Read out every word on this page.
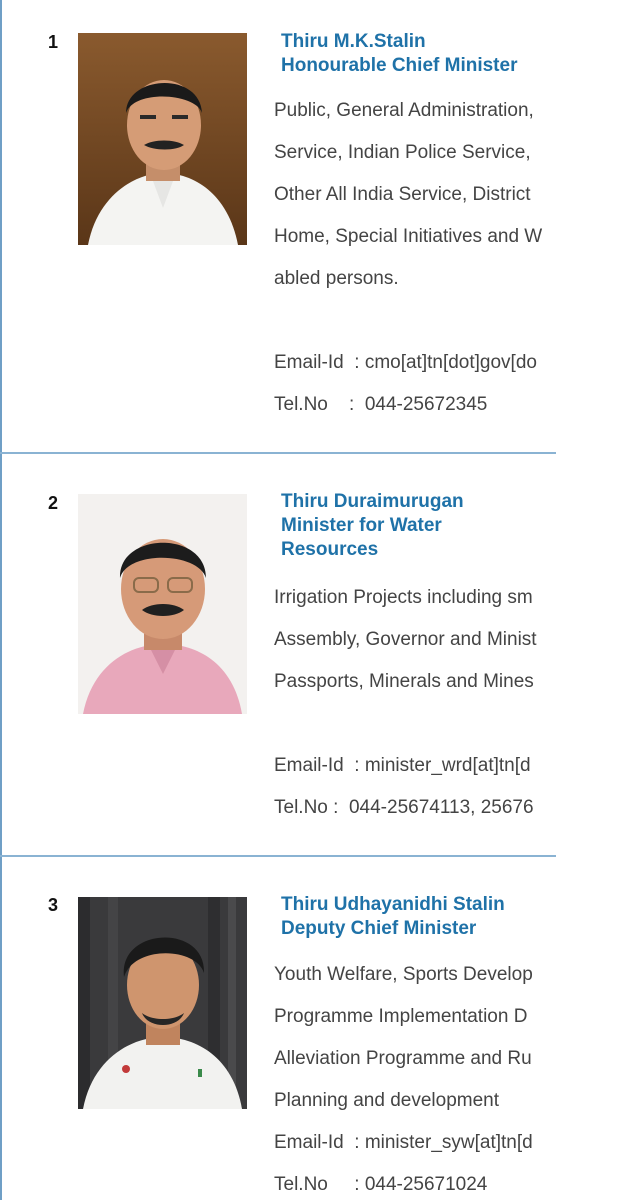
1	Thiru M.K.Stalin
Honourable Chief Minister
Public, General Administration,
Service, Indian Police Service,
Other All India Service, District
Home, Special Initiatives and W
abled persons.
Email-Id  : cmo[at]tn[dot]gov[do
Tel.No    :  044-25672345
2	Thiru Duraimurugan
Minister for Water
Resources
Irrigation Projects including sm
Assembly, Governor and Minist
Passports, Minerals and Mines
Email-Id  : minister_wrd[at]tn[d
Tel.No :  044-25674113, 25676
3	Thiru Udhayanidhi Stalin
Deputy Chief Minister
Youth Welfare, Sports Develop
Programme Implementation D
Alleviation Programme and Ru
Planning and development
Email-Id  : minister_syw[at]tn[d
Tel.No     : 044-25671024
